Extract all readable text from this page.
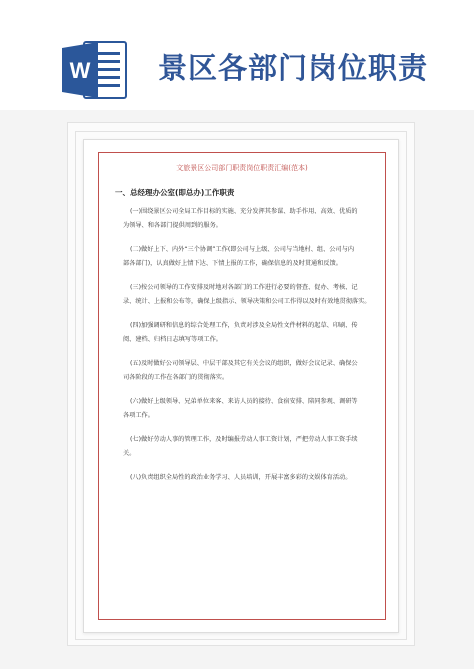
W 景区各部门岗位职责
文旅景区公司部门职责岗位职责汇编(范本)
一、总经理办公室(即总办)工作职责
(一)围绕景区公司全局工作目标的实施、充分发挥其参谋、助手作用、高效、优质的
为领导、和各部门提供周到的服务。
(二)做好上下、内外“三个协调”工作(即公司与上级、公司与当地村、组、公司与内
部各部门)，认真做好上情下达、下情上报的工作，确保信息的及时贯通和反馈。
(三)按公司领导的工作安排及时地对各部门的工作进行必要的督查、促办、考核、记
录、统计、上报和公布等，确保上级指示、领导决策和公司工作得以及时有效地贯彻落实。
(四)加强调研和信息的综合处理工作，负责对涉及全局性文件材料的起草、印刷、传
阅、建档、归档日志填写等项工作。
(五)及时做好公司领导层、中层干部及其它有关会议的组织，做好会议记录、确保公
司各阶段的工作在各部门的贯彻落实。
(六)做好上级领导、兄弟单位来客、来访人员的接待、食宿安排、陪同参观、调研等
各项工作。
(七)做好劳动人事的管理工作，及时编报劳动人事工资计划，严把劳动人事工资手续
关。
(八)负责组织全局性的政治业务学习、人员培训，开展丰富多彩的文娱体育活动。
